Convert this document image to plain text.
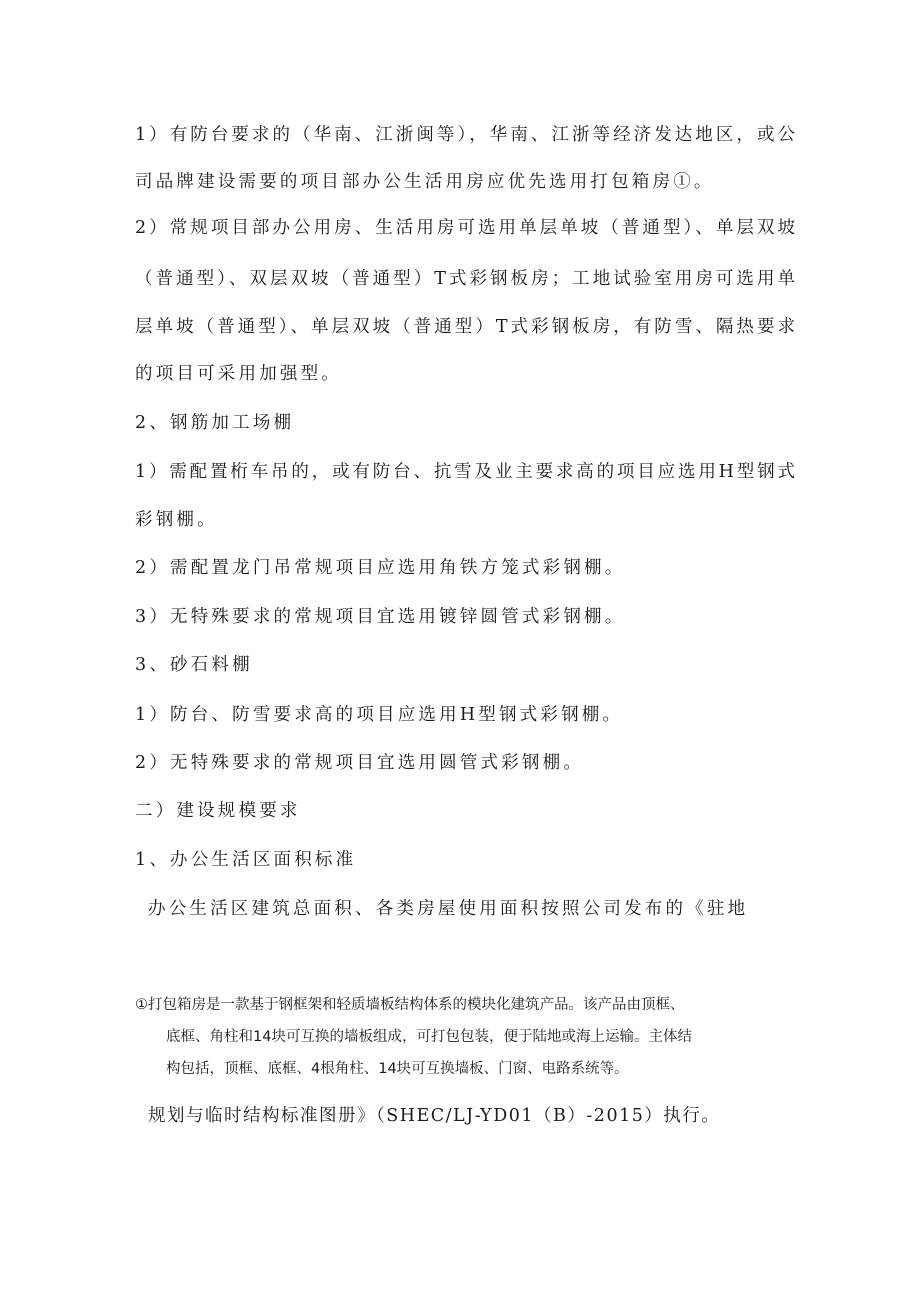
1）有防台要求的（华南、江浙闽等），华南、江浙等经济发达地区，或公
司品牌建设需要的项目部办公生活用房应优先选用打包箱房①。
2）常规项目部办公用房、生活用房可选用单层单坡（普通型）、单层双坡
（普通型）、双层双坡（普通型）T式彩钢板房；工地试验室用房可选用单
层单坡（普通型）、单层双坡（普通型）T式彩钢板房，有防雪、隔热要求
的项目可采用加强型。
2、钢筋加工场棚
1）需配置桁车吊的，或有防台、抗雪及业主要求高的项目应选用H型钢式
彩钢棚。
2）需配置龙门吊常规项目应选用角铁方笼式彩钢棚。
3）无特殊要求的常规项目宜选用镀锌圆管式彩钢棚。
3、砂石料棚
1）防台、防雪要求高的项目应选用H型钢式彩钢棚。
2）无特殊要求的常规项目宜选用圆管式彩钢棚。
二）建设规模要求
1、办公生活区面积标准
办公生活区建筑总面积、各类房屋使用面积按照公司发布的《驻地
①打包箱房是一款基于钢框架和轻质墙板结构体系的模块化建筑产品。该产品由顶框、
底框、角柱和14块可互换的墙板组成，可打包包装，便于陆地或海上运输。主体结
构包括，顶框、底框、4根角柱、14块可互换墙板、门窗、电路系统等。
规划与临时结构标准图册》（SHEC/LJ-YD01（B）-2015）执行。
